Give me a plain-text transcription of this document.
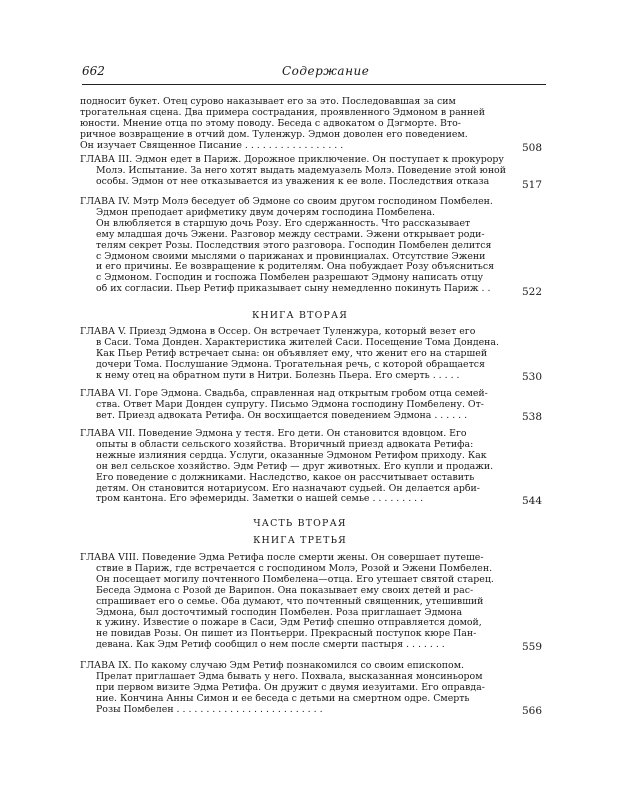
662	Содержание
подносит букет. Отец сурово наказывает его за это. Последовавшая за сим
трогательная сцена. Два примера сострадания, проявленного Эдмоном в ранней
юности. Мнение отца по этому поводу. Беседа с адвокатом о Дэгморте. Вто-
ричное возвращение в отчий дом. Туленжур. Эдмон доволен его поведением.
Он изучает Священное Писание . . . . . . . . . . . . . . . . .	508
ГЛАВА III. Эдмон едет в Париж. Дорожное приключение. Он поступает к прокурору
Молэ. Испытание. За него хотят выдать мадемуазель Молэ. Поведение этой юной
особы. Эдмон от нее отказывается из уважения к ее воле. Последствия отказа	517
ГЛАВА IV. Мэтр Молэ беседует об Эдмоне со своим другом господином Помбелен.
Эдмон преподает арифметику двум дочерям господина Помбелена.
Он влюбляется в старшую дочь Розу. Его сдержанность. Что рассказывает
ему младшая дочь Эжени. Разговор между сестрами. Эжени открывает роди-
телям секрет Розы. Последствия этого разговора. Господин Помбелен делится
с Эдмоном своими мыслями о парижанах и провинциалах. Отсутствие Эжени
и его причины. Ее возвращение к родителям. Она побуждает Розу объясниться
с Эдмоном. Господин и госпожа Помбелен разрешают Эдмону написать отцу
об их согласии. Пьер Ретиф приказывает сыну немедленно покинуть Париж . .	522
КНИГА ВТОРАЯ
ГЛАВА V. Приезд Эдмона в Оссер. Он встречает Туленжура, который везет его
в Саси. Тома Донден. Характеристика жителей Саси. Посещение Тома Дондена.
Как Пьер Ретиф встречает сына: он объявляет ему, что женит его на старшей
дочери Тома. Послушание Эдмона. Трогательная речь, с которой обращается
к нему отец на обратном пути в Нитри. Болезнь Пьера. Его смерть . . . . .	530
ГЛАВА VI. Горе Эдмона. Свадьба, справленная над открытым гробом отца семей-
ства. Ответ Мари Донден супругу. Письмо Эдмона господину Помбелену. От-
вет. Приезд адвоката Ретифа. Он восхищается поведением Эдмона . . . . . .	538
ГЛАВА VII. Поведение Эдмона у тестя. Его дети. Он становится вдовцом. Его
опыты в области сельского хозяйства. Вторичный приезд адвоката Ретифа:
нежные излияния сердца. Услуги, оказанные Эдмоном Ретифом приходу. Как
он вел сельское хозяйство. Эдм Ретиф — друг животных. Его купли и продажи.
Его поведение с должниками. Наследство, какое он рассчитывает оставить
детям. Он становится нотариусом. Его назначают судьей. Он делается арби-
тром кантона. Его эфемериды. Заметки о нашей семье . . . . . . . . .	544
ЧАСТЬ ВТОРАЯ
КНИГА ТРЕТЬЯ
ГЛАВА VIII. Поведение Эдма Ретифа после смерти жены. Он совершает путеше-
ствие в Париж, где встречается с господином Молэ, Розой и Эжени Помбелен.
Он посещает могилу почтенного Помбелена—отца. Его утешает святой старец.
Беседа Эдмона с Розой де Варипон. Она показывает ему своих детей и рас-
спрашивает его о семье. Оба думают, что почтенный священник, утешивший
Эдмона, был досточтимый господин Помбелен. Роза приглашает Эдмона
к ужину. Известие о пожаре в Саси, Эдм Ретиф спешно отправляется домой,
не повидав Розы. Он пишет из Понтьерри. Прекрасный поступок кюре Пан-
девана. Как Эдм Ретиф сообщил о нем после смерти пастыря . . . . . . .	559
ГЛАВА IX. По какому случаю Эдм Ретиф познакомился со своим епископом.
Прелат приглашает Эдма бывать у него. Похвала, высказанная монсиньором
при первом визите Эдма Ретифа. Он дружит с двумя иезуитами. Его оправда-
ние. Кончина Анны Симон и ее беседа с детьми на смертном одре. Смерть
Розы Помбелен . . . . . . . . . . . . . . . . . . . . . . . . .	566
